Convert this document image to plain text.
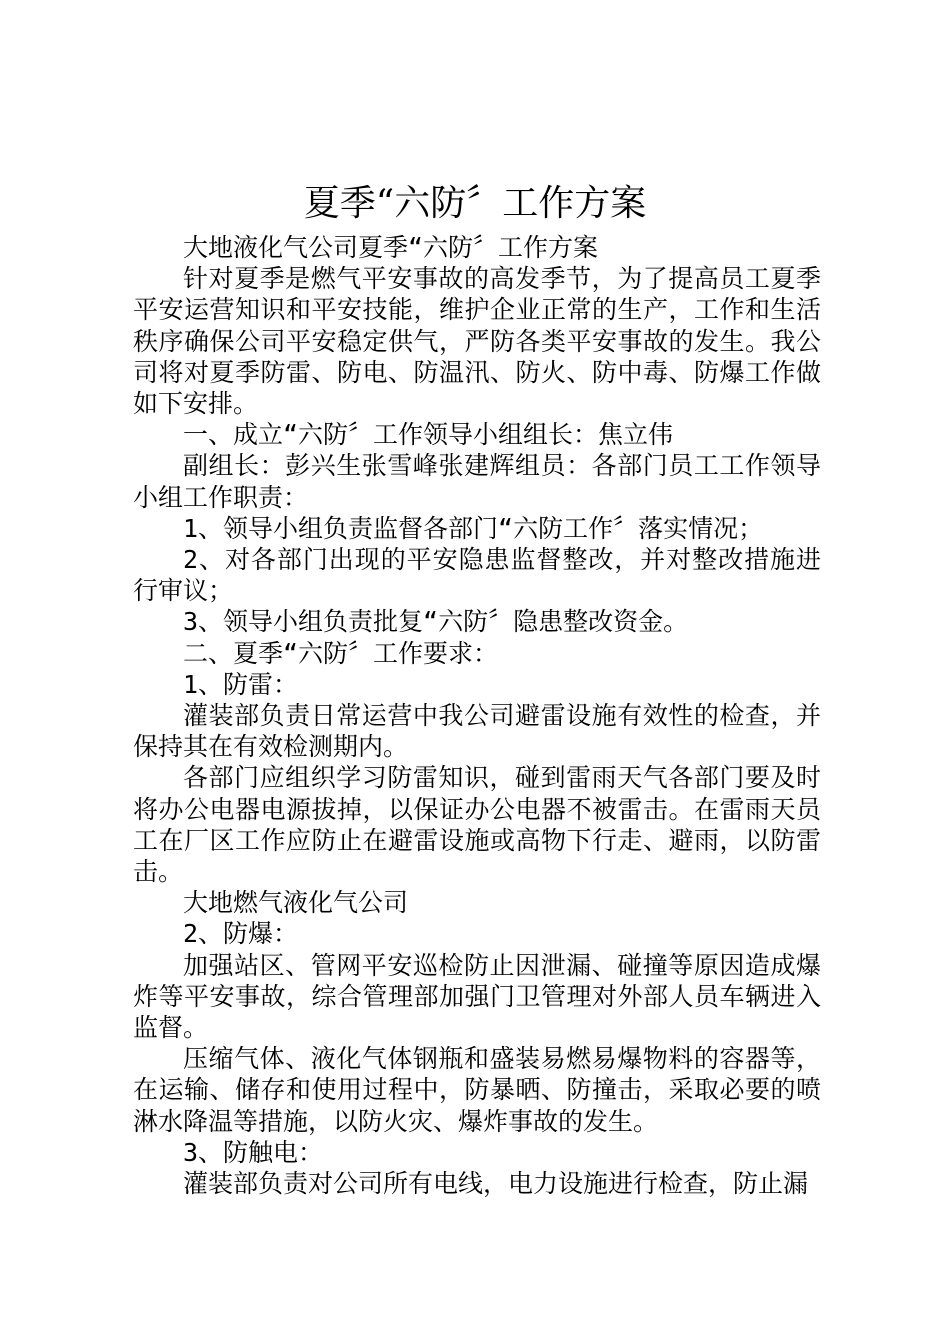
夏季“六防〞工作方案

大地液化气公司夏季“六防〞工作方案

针对夏季是燃气平安事故的高发季节，为了提高员工夏季平安运营知识和平安技能，维护企业正常的生产，工作和生活秩序确保公司平安稳定供气，严防各类平安事故的发生。我公司将对夏季防雷、防电、防温汛、防火、防中毒、防爆工作做如下安排。

一、成立“六防〞工作领导小组组长：焦立伟

副组长：彭兴生张雪峰张建辉组员：各部门员工工作领导小组工作职责：

1、领导小组负责监督各部门“六防工作〞落实情况；

2、对各部门出现的平安隐患监督整改，并对整改措施进行审议；

3、领导小组负责批复“六防〞隐患整改资金。

二、夏季“六防〞工作要求：

1、防雷：

灌装部负责日常运营中我公司避雷设施有效性的检查，并保持其在有效检测期内。

各部门应组织学习防雷知识，碰到雷雨天气各部门要及时将办公电器电源拔掉，以保证办公电器不被雷击。在雷雨天员工在厂区工作应防止在避雷设施或高物下行走、避雨，以防雷击。

大地燃气液化气公司

2、防爆：

加强站区、管网平安巡检防止因泄漏、碰撞等原因造成爆炸等平安事故，综合管理部加强门卫管理对外部人员车辆进入监督。

压缩气体、液化气体钢瓶和盛装易燃易爆物料的容器等，在运输、储存和使用过程中，防暴晒、防撞击，采取必要的喷淋水降温等措施，以防火灾、爆炸事故的发生。

3、防触电：

灌装部负责对公司所有电线，电力设施进行检查，防止漏
